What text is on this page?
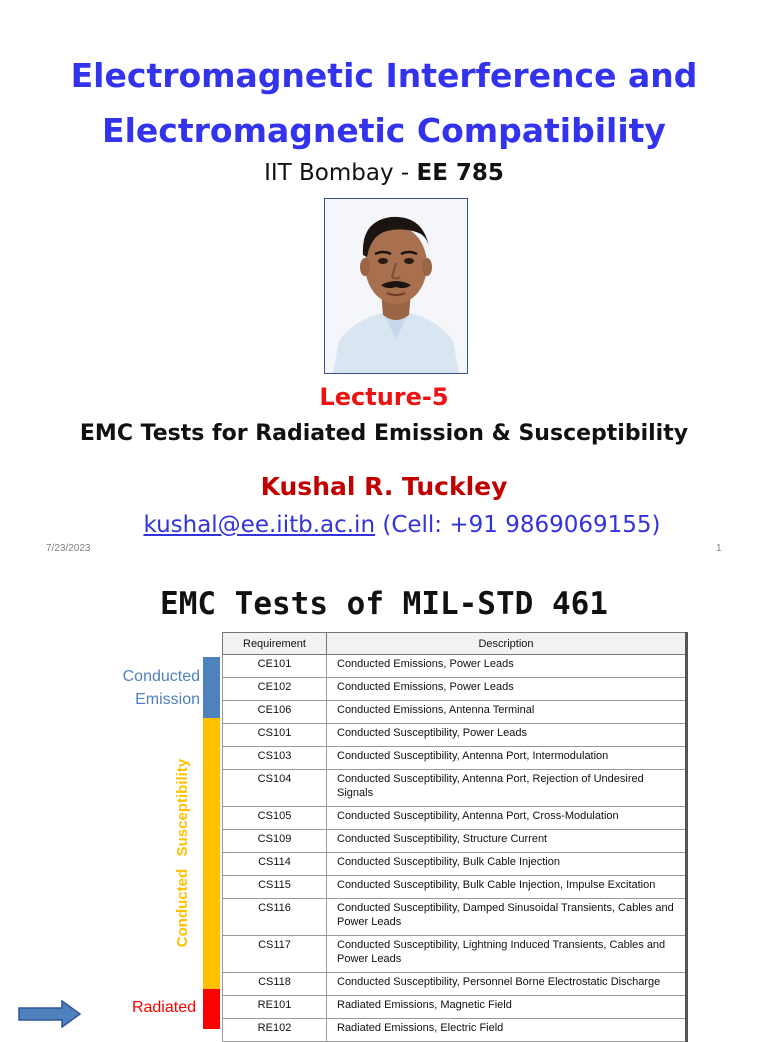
Electromagnetic Interference and
Electromagnetic Compatibility
IIT Bombay - EE 785
Lecture-5
EMC Tests for Radiated Emission & Susceptibility
Kushal R. Tuckley
kushal@ee.iitb.ac.in (Cell: +91 9869069155)
7/23/2023	1
EMC Tests of MIL-STD 461
Conducted
Emission
Conducted   Susceptibility
Radiated
Requirement	Description
CE101	Conducted Emissions, Power Leads
CE102	Conducted Emissions, Power Leads
CE106	Conducted Emissions, Antenna Terminal
CS101	Conducted Susceptibility, Power Leads
CS103	Conducted Susceptibility, Antenna Port, Intermodulation
CS104	Conducted Susceptibility, Antenna Port, Rejection of Undesired Signals
CS105	Conducted Susceptibility, Antenna Port, Cross-Modulation
CS109	Conducted Susceptibility, Structure Current
CS114	Conducted Susceptibility, Bulk Cable Injection
CS115	Conducted Susceptibility, Bulk Cable Injection, Impulse Excitation
CS116	Conducted Susceptibility, Damped Sinusoidal Transients, Cables and Power Leads
CS117	Conducted Susceptibility, Lightning Induced Transients, Cables and Power Leads
CS118	Conducted Susceptibility, Personnel Borne Electrostatic Discharge
RE101	Radiated Emissions, Magnetic Field
RE102	Radiated Emissions, Electric Field
